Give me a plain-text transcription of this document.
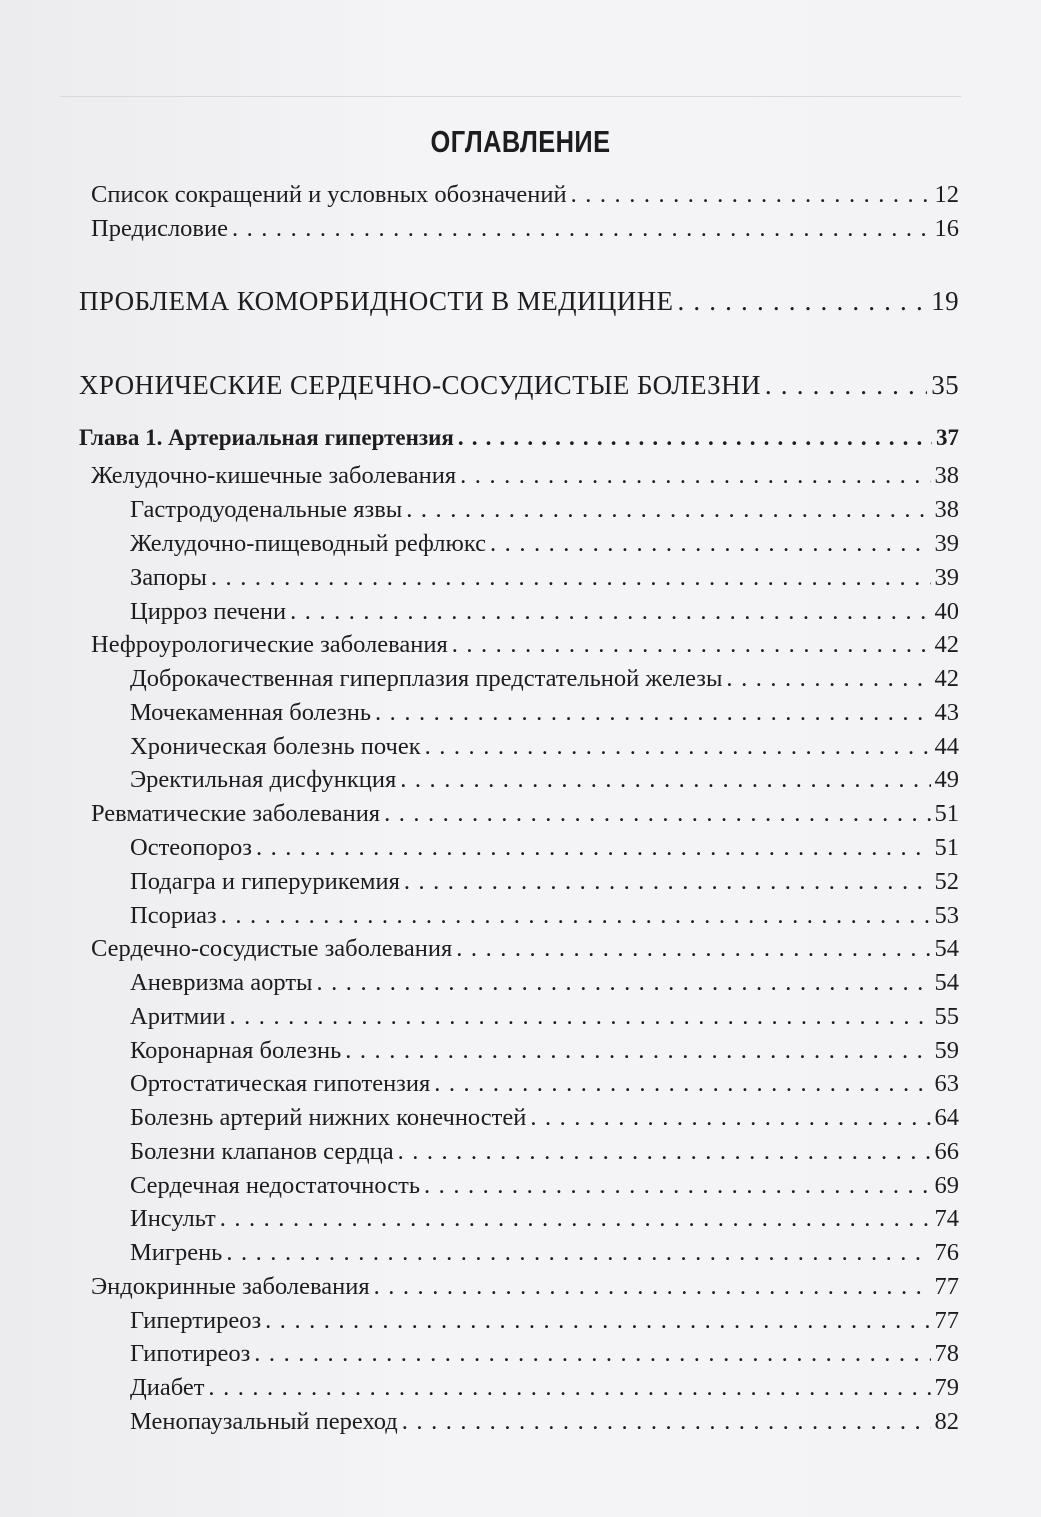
ОГЛАВЛЕНИЕ
Список сокращений и условных обозначений . . .	12
Предисловие . . .	16
ПРОБЛЕМА КОМОРБИДНОСТИ В МЕДИЦИНЕ . . .	19
ХРОНИЧЕСКИЕ СЕРДЕЧНО-СОСУДИСТЫЕ БОЛЕЗНИ . . .	35
Глава 1. Артериальная гипертензия . . .	37
Желудочно-кишечные заболевания . . .	38
Гастродуоденальные язвы . . .	38
Желудочно-пищеводный рефлюкс . . .	39
Запоры . . .	39
Цирроз печени . . .	40
Нефроурологические заболевания . . .	42
Доброкачественная гиперплазия предстательной железы . . .	42
Мочекаменная болезнь . . .	43
Хроническая болезнь почек . . .	44
Эректильная дисфункция . . .	49
Ревматические заболевания . . .	51
Остеопороз . . .	51
Подагра и гиперурикемия . . .	52
Псориаз . . .	53
Сердечно-сосудистые заболевания . . .	54
Аневризма аорты . . .	54
Аритмии . . .	55
Коронарная болезнь . . .	59
Ортостатическая гипотензия . . .	63
Болезнь артерий нижних конечностей . . .	64
Болезни клапанов сердца . . .	66
Сердечная недостаточность . . .	69
Инсульт . . .	74
Мигрень . . .	76
Эндокринные заболевания . . .	77
Гипертиреоз . . .	77
Гипотиреоз . . .	78
Диабет . . .	79
Менопаузальный переход . . .	82
